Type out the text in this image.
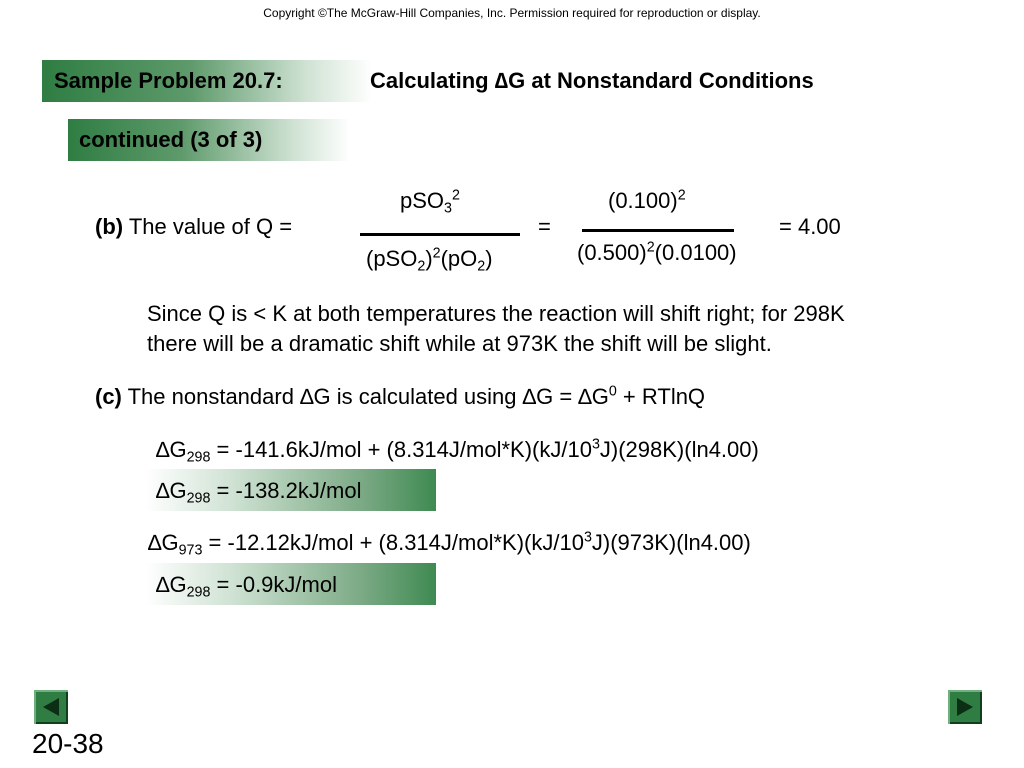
Copyright ©The McGraw-Hill Companies, Inc. Permission required for reproduction or display.
Sample Problem 20.7:	Calculating ∆G at Nonstandard Conditions
continued (3 of 3)
(b) The value of Q =
pSO$_3^2$
$(pSO_2)^2(pO_2)$
=
$(0.100)^2$
$(0.500)^2(0.0100)$
= 4.00
Since Q is < K at both temperatures the reaction will shift right; for 298K
there will be a dramatic shift while at 973K the shift will be slight.
(c) The nonstandard ∆G is calculated using $\Delta G = \Delta G^0 + RTlnQ$
$\Delta G_{298} = -141.6kJ/mol + (8.314J/mol*K)(kJ/10^3J)(298K)(\ln 4.00)$
$\Delta G_{298} = -138.2kJ/mol$
$\Delta G_{973} = -12.12kJ/mol + (8.314J/mol*K)(kJ/10^3J)(973K)(\ln 4.00)$
$\Delta G_{298} = -0.9kJ/mol$
20-38
